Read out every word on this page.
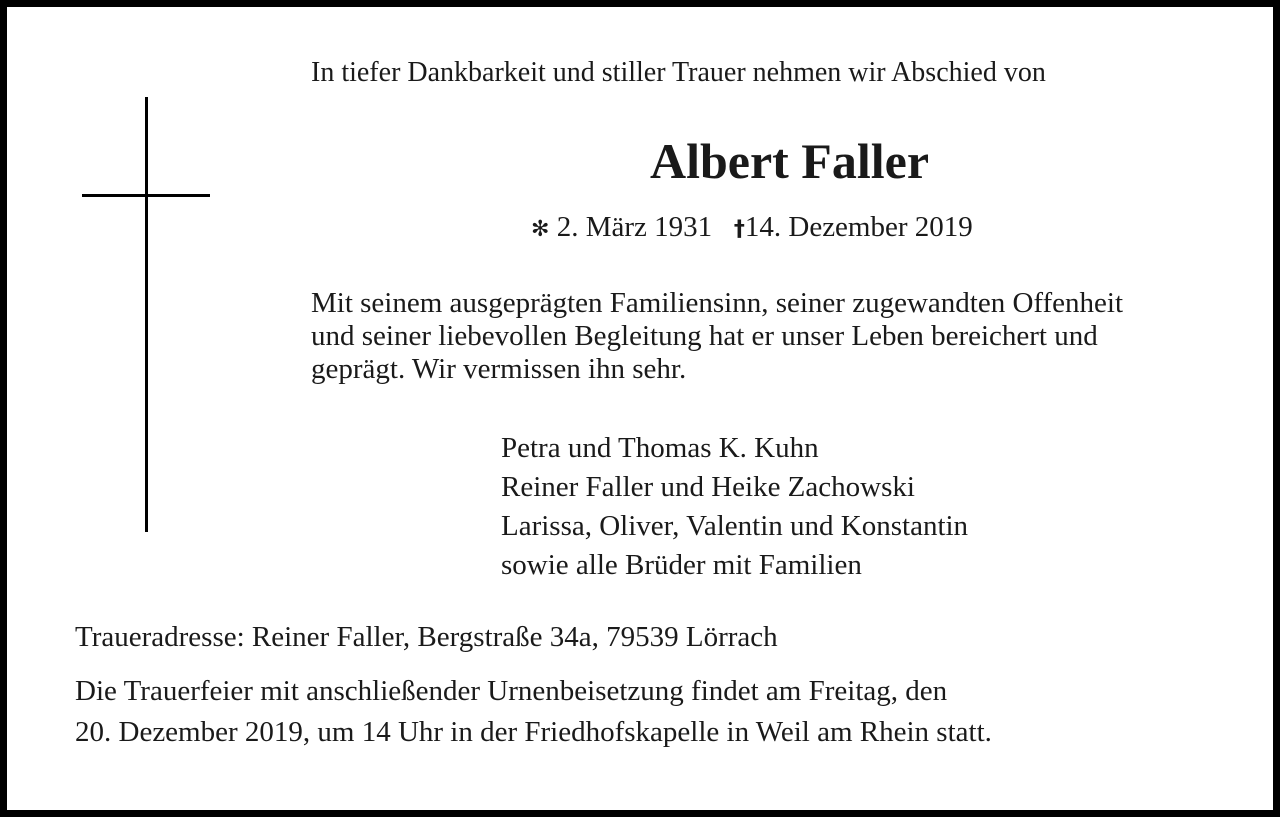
In tiefer Dankbarkeit und stiller Trauer nehmen wir Abschied von
Albert Faller
✻ 2. März 1931 †14. Dezember 2019
Mit seinem ausgeprägten Familiensinn, seiner zugewandten Offenheit
und seiner liebevollen Begleitung hat er unser Leben bereichert und
geprägt. Wir vermissen ihn sehr.
Petra und Thomas K. Kuhn
Reiner Faller und Heike Zachowski
Larissa, Oliver, Valentin und Konstantin
sowie alle Brüder mit Familien
Traueradresse: Reiner Faller, Bergstraße 34a, 79539 Lörrach
Die Trauerfeier mit anschließender Urnenbeisetzung findet am Freitag, den
20. Dezember 2019, um 14 Uhr in der Friedhofskapelle in Weil am Rhein statt.
